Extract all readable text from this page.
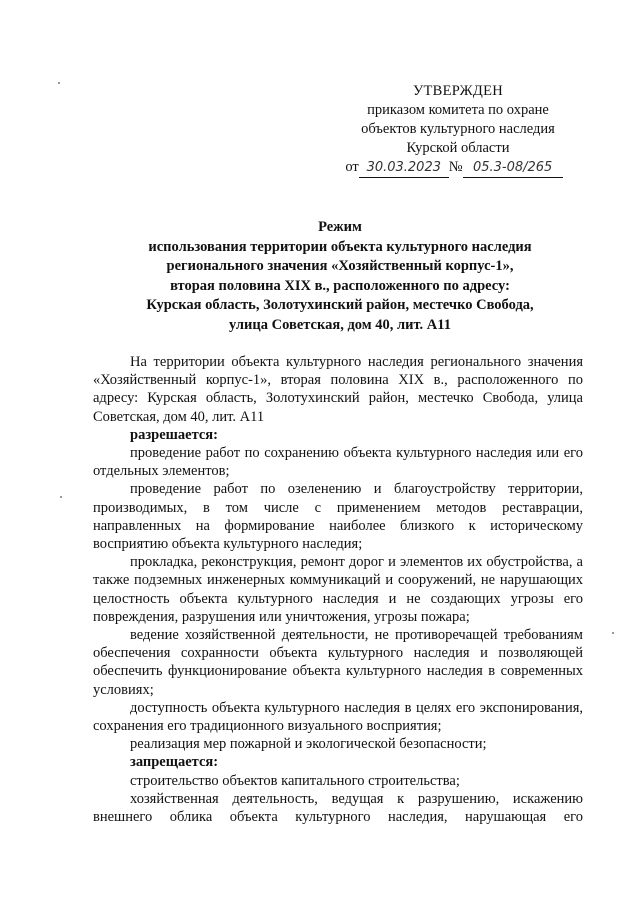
УТВЕРЖДЕН
приказом комитета по охране
объектов культурного наследия
Курской области
от 30.03.2023 № 05.3-08/265
Режим
использования территории объекта культурного наследия
регионального значения «Хозяйственный корпус-1»,
вторая половина XIX в., расположенного по адресу:
Курская область, Золотухинский район, местечко Свобода,
улица Советская, дом 40, лит. А11

На территории объекта культурного наследия регионального значения «Хозяйственный корпус-1», вторая половина XIX в., расположенного по адресу: Курская область, Золотухинский район, местечко Свобода, улица Советская, дом 40, лит. А11

разрешается:

проведение работ по сохранению объекта культурного наследия или его отдельных элементов;

проведение работ по озеленению и благоустройству территории, производимых, в том числе с применением методов реставрации, направленных на формирование наиболее близкого к историческому восприятию объекта культурного наследия;

прокладка, реконструкция, ремонт дорог и элементов их обустройства, а также подземных инженерных коммуникаций и сооружений, не нарушающих целостность объекта культурного наследия и не создающих угрозы его повреждения, разрушения или уничтожения, угрозы пожара;

ведение хозяйственной деятельности, не противоречащей требованиям обеспечения сохранности объекта культурного наследия и позволяющей обеспечить функционирование объекта культурного наследия в современных условиях;

доступность объекта культурного наследия в целях его экспонирования, сохранения его традиционного визуального восприятия;

реализация мер пожарной и экологической безопасности;

запрещается:

строительство объектов капитального строительства;

хозяйственная деятельность, ведущая к разрушению, искажению внешнего облика объекта культурного наследия, нарушающая его
